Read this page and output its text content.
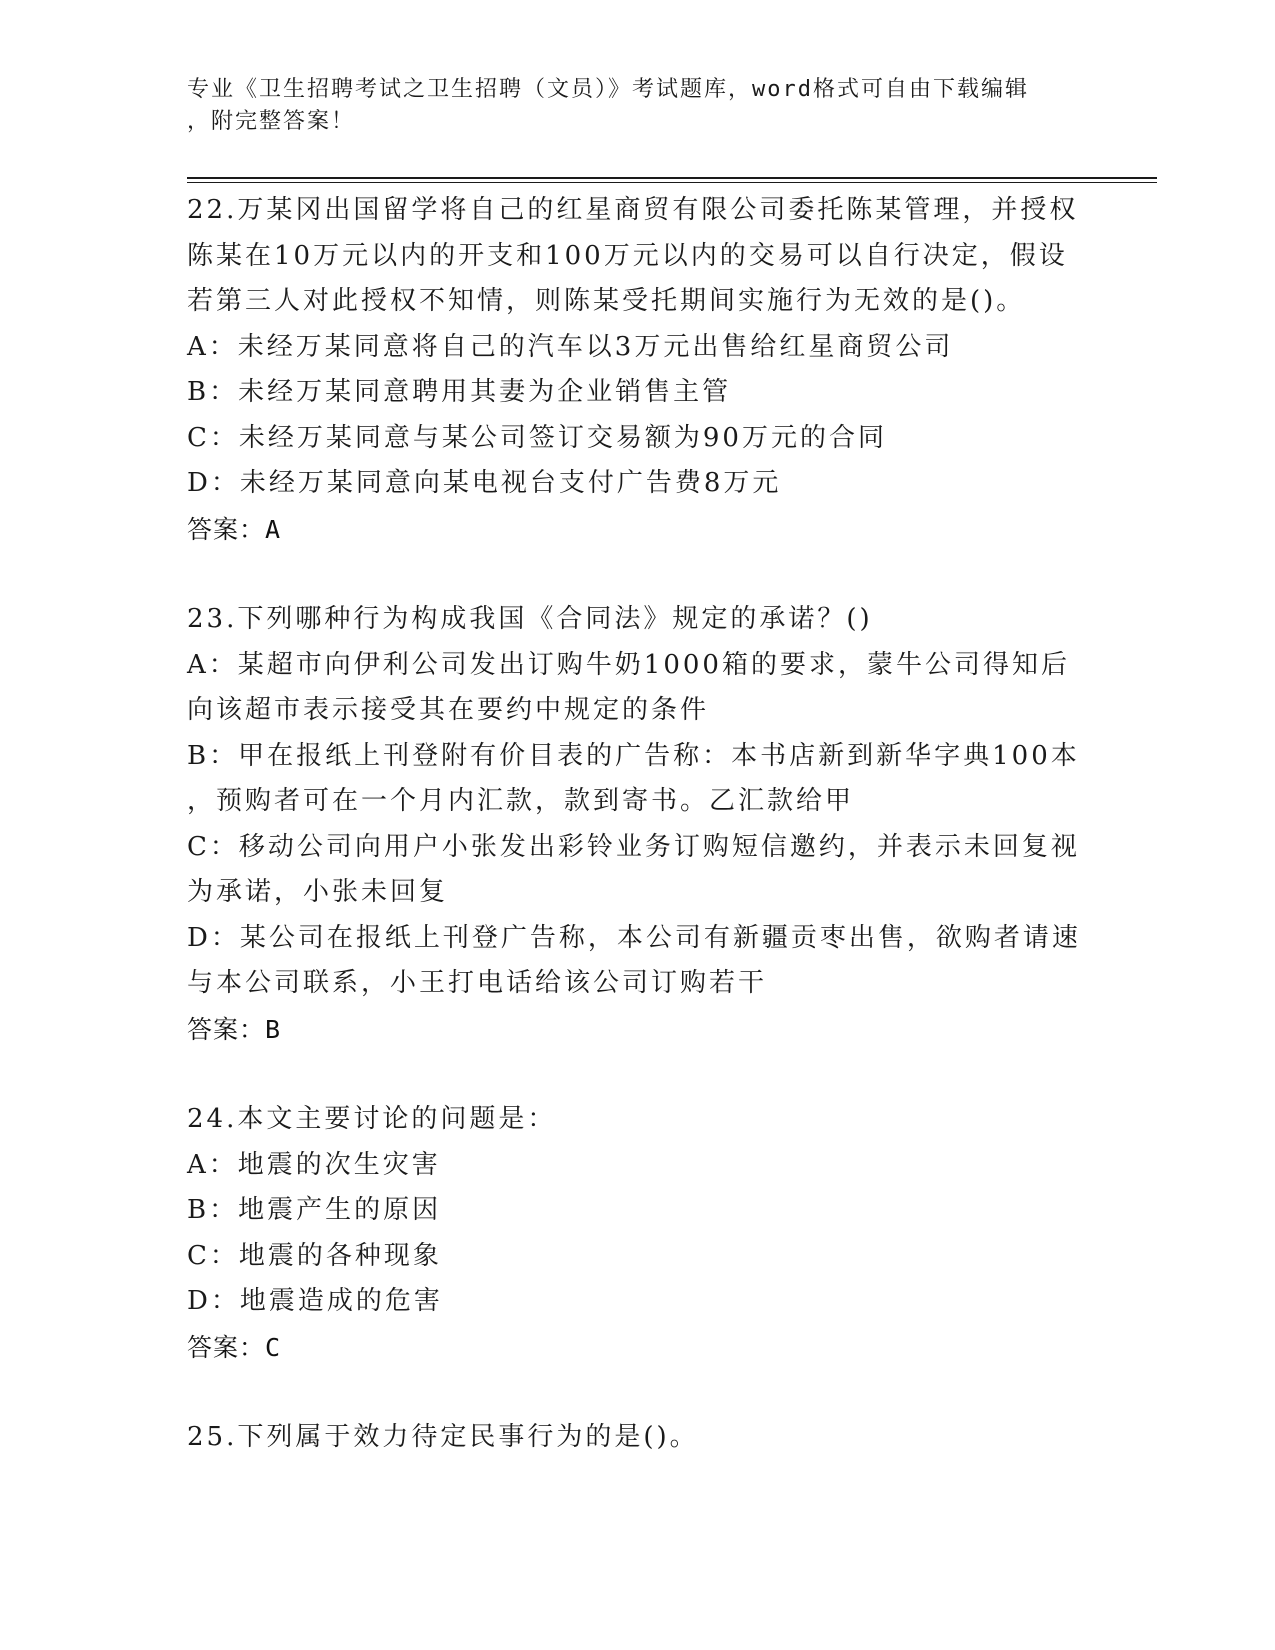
专业《卫生招聘考试之卫生招聘（文员）》考试题库，word格式可自由下载编辑
，附完整答案！
22.万某冈出国留学将自己的红星商贸有限公司委托陈某管理，并授权
陈某在10万元以内的开支和100万元以内的交易可以自行决定，假设
若第三人对此授权不知情，则陈某受托期间实施行为无效的是()。
A：未经万某同意将自己的汽车以3万元出售给红星商贸公司
B：未经万某同意聘用其妻为企业销售主管
C：未经万某同意与某公司签订交易额为90万元的合同
D：未经万某同意向某电视台支付广告费8万元
答案：A
23.下列哪种行为构成我国《合同法》规定的承诺？()
A：某超市向伊利公司发出订购牛奶1000箱的要求，蒙牛公司得知后
向该超市表示接受其在要约中规定的条件
B：甲在报纸上刊登附有价目表的广告称：本书店新到新华字典100本
，预购者可在一个月内汇款，款到寄书。乙汇款给甲
C：移动公司向用户小张发出彩铃业务订购短信邀约，并表示未回复视
为承诺，小张未回复
D：某公司在报纸上刊登广告称，本公司有新疆贡枣出售，欲购者请速
与本公司联系，小王打电话给该公司订购若干
答案：B
24.本文主要讨论的问题是：
A：地震的次生灾害
B：地震产生的原因
C：地震的各种现象
D：地震造成的危害
答案：C
25.下列属于效力待定民事行为的是()。
